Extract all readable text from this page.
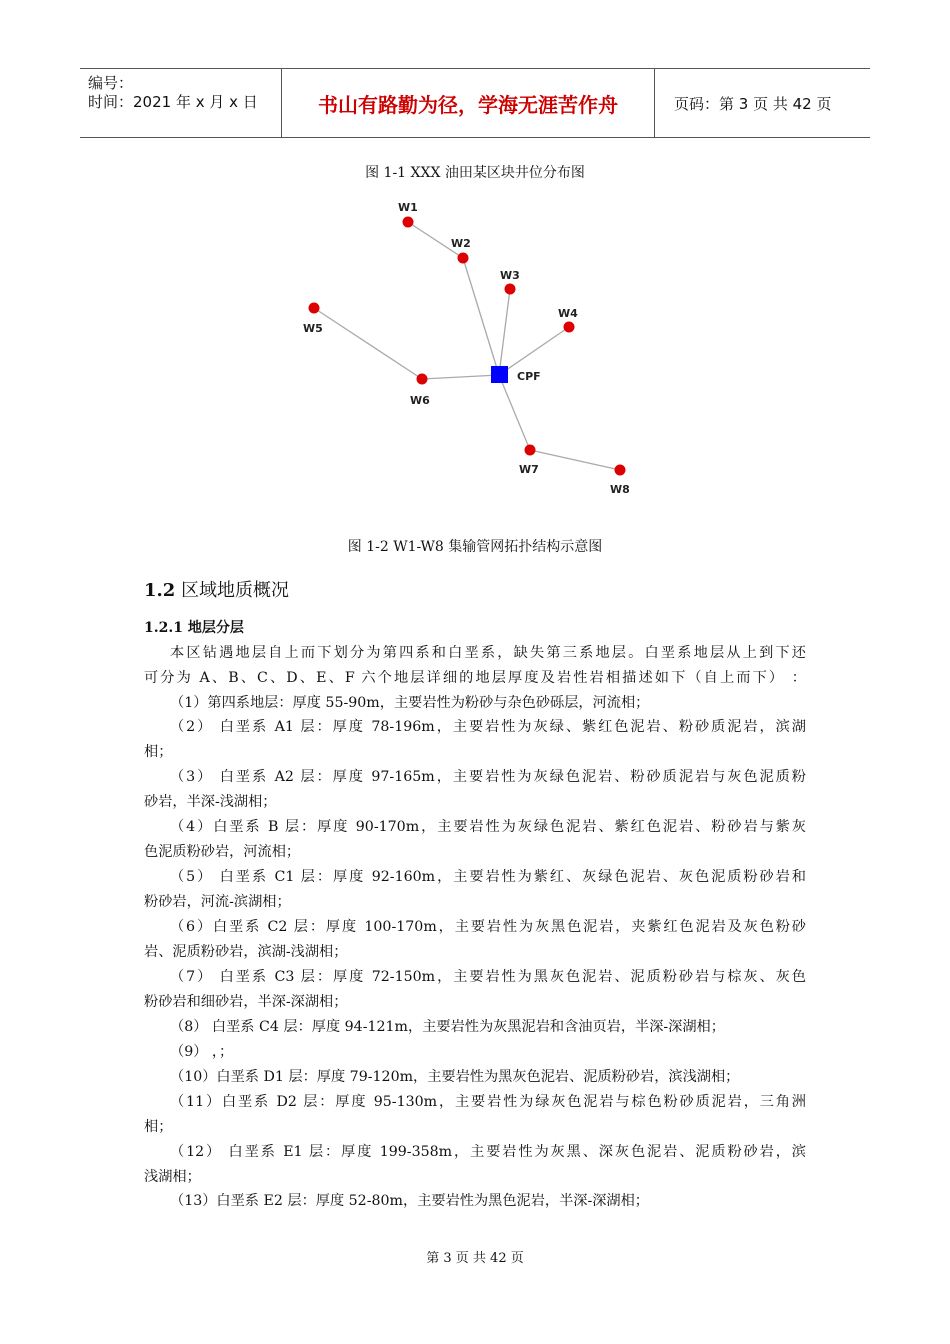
编号：
时间：2021 年 x 月 x 日	书山有路勤为径，学海无涯苦作舟	页码：第 3 页 共 42 页
图 1-1 XXX 油田某区块井位分布图
W1
W2
W3
W4
W5
W6
W7
W8
CPF
图 1-2 W1-W8 集输管网拓扑结构示意图
1.2 区域地质概况
1.2.1 地层分层
本区钻遇地层自上而下划分为第四系和白垩系，缺失第三系地层。白垩系地层从上到下还
可分为 A、B、C、D、E、F 六个地层详细的地层厚度及岩性岩相描述如下（自上而下） ：
（1）第四系地层：厚度 55-90m，主要岩性为粉砂与杂色砂砾层，河流相；
（2） 白垩系 A1 层：厚度 78-196m，主要岩性为灰绿、紫红色泥岩、粉砂质泥岩，滨湖
相；
（3） 白垩系 A2 层：厚度 97-165m，主要岩性为灰绿色泥岩、粉砂质泥岩与灰色泥质粉
砂岩，半深-浅湖相；
（4）白垩系 B 层：厚度 90-170m，主要岩性为灰绿色泥岩、紫红色泥岩、粉砂岩与紫灰
色泥质粉砂岩，河流相；
（5） 白垩系 C1 层：厚度 92-160m，主要岩性为紫红、灰绿色泥岩、灰色泥质粉砂岩和
粉砂岩，河流-滨湖相；
（6）白垩系 C2 层：厚度 100-170m，主要岩性为灰黑色泥岩，夹紫红色泥岩及灰色粉砂
岩、泥质粉砂岩，滨湖-浅湖相；
（7） 白垩系 C3 层：厚度 72-150m，主要岩性为黑灰色泥岩、泥质粉砂岩与棕灰、灰色
粉砂岩和细砂岩，半深-深湖相；
（8） 白垩系 C4 层：厚度 94-121m，主要岩性为灰黑泥岩和含油页岩，半深-深湖相；
（9） ，；
（10）白垩系 D1 层：厚度 79-120m，主要岩性为黑灰色泥岩、泥质粉砂岩，滨浅湖相；
（11）白垩系 D2 层：厚度 95-130m，主要岩性为绿灰色泥岩与棕色粉砂质泥岩，三角洲
相；
（12） 白垩系 E1 层：厚度 199-358m，主要岩性为灰黑、深灰色泥岩、泥质粉砂岩，滨
浅湖相；
（13）白垩系 E2 层：厚度 52-80m，主要岩性为黑色泥岩，半深-深湖相；
第 3 页 共 42 页
